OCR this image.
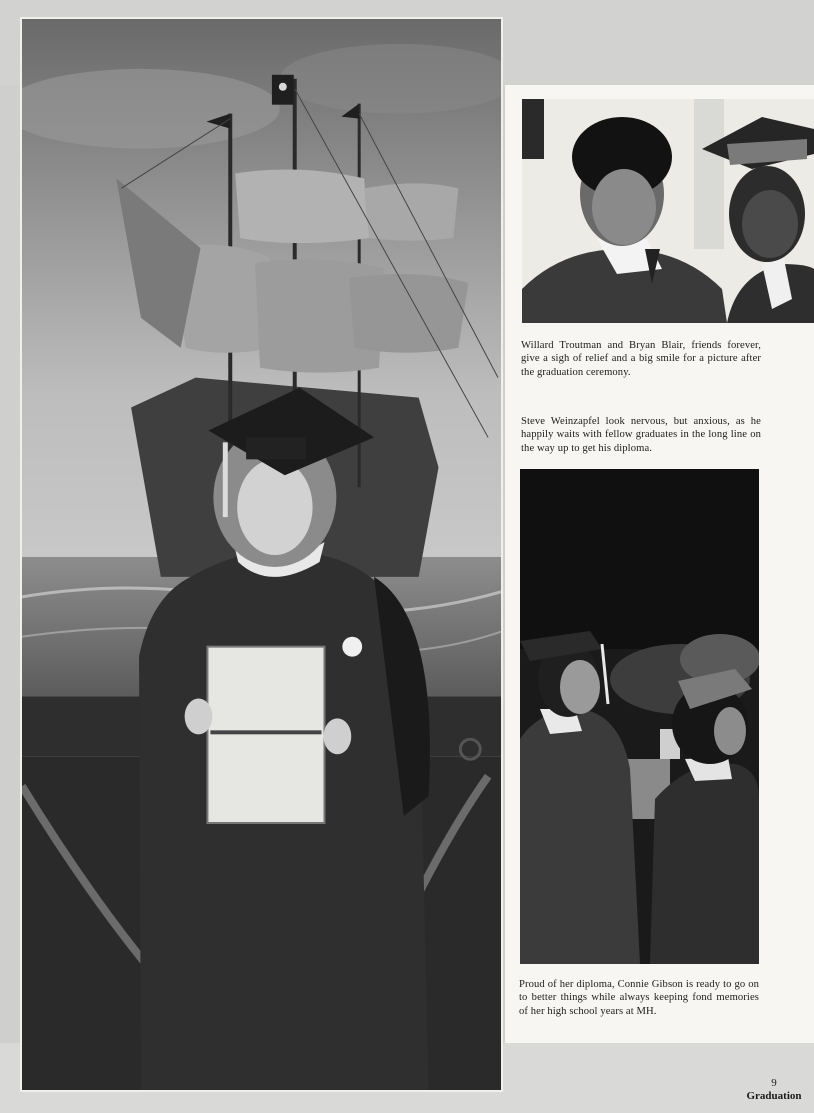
Willard Troutman and Bryan Blair, friends forever, give a sigh of relief and a big smile for a picture after the graduation ceremony.

Steve Weinzapfel look nervous, but anxious, as he happily waits with fellow graduates in the long line on the way up to get his diploma.

Proud of her diploma, Connie Gibson is ready to go on to better things while always keeping fond memories of her high school years at MH.

9
Graduation
